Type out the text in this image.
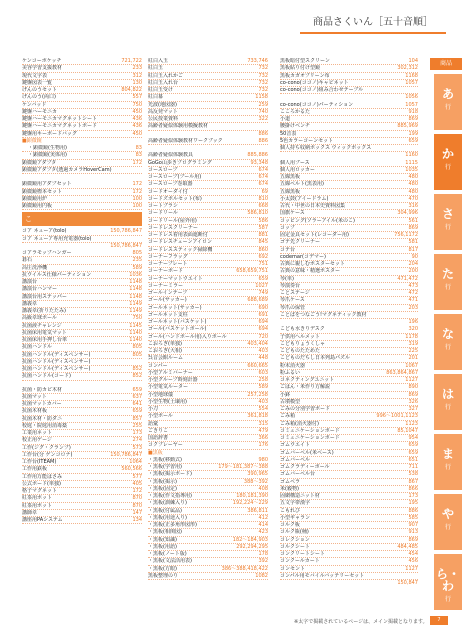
商品さくいん［五十音順］
ケンコーポケッチ	721,722
美容学習支援教材	233
現代文字表	312
鍵盤図表一覧	130
げんのうセット	804,822
げんのう(両口)	557
ケンバッド	750
鍵盤ハーモニカ	450
鍵盤ハーモニカマグネットシート	436
鍵盤ハーモニカマグネットボード	436
鍵盤用キーボードバッグ	450
■顕微鏡
・顕微鏡(生物用)	83
・顕微鏡(実体用)	83
顕微鏡アダプタ	172
顕微鏡アダプタ(透過カメラHoverCam)
顕微鏡用アダプセット	172
顕微鏡標本セット	172
顕微鏡用炉	100
顕微鏡用円板	100
こ
コア ネューア(tolo)	150,786,847
コア ネューア専用充電器(tolo)
150,786,847
コアラモップハンガー	805
碁石	235
高圧洗浄機	589
抗ウイルス仕様パーティション	1036
講演台	1148
講演台ハンマー	1148
講演台用ステッパー	1148
講義卓	1149
講義卓(折りたたみ)	1149
高級卓球ボール	750
抗菌液チャレンジ	1145
抗菌床用電気マット	1140
抗菌床用手押し台車	1140
抗菌ハンドル	805
抗菌ハンドル(ディスペンサー)	805
抗菌ハンドル(ディスペンサー)
抗菌ハンドル(ディスペンサー)	852
抗菌ハンドル(コード)	852
抗菌・防カビ木材	659
抗菌マット	637
抗菌マットカバー	641
抗菌木材板	659
抗菌木材・防ダニ	857
校庭・院庭用消毒薬	255
工業用ネット	173
校正用ゲージ	274
工作(ジグ・クランプ)	573
工作台(分 ゲンコロナ)	150,786,847
工作台(ITEAM)	1064
工作用鉄板	560,566
工作用万能はさみ	577
公式ボード(単独)	405
格子マグネット	172
紅茶用ポット	870
紅茶用ポット	870
講師卓	147
講座用PAシステム	134
紅白入玉	733,746
紅白玉	732
紅白玉入れかご	732
紅白玉入れ台	732
紅白玉受け	732
紅白幕	1158
光波(地図器)	259
高反発マット	740
公民授業資料	322
高齢者疑似体験用模擬教材
886
高齢者疑似体験教材ワークブック	886
高齢者疑似体験教具	885,886
GoGo山歩きプログラミング	93,348
コースロープ	674
コースロープ(プール用)	674
コースロープ巻取器	674
コードオーダイ付	69
コードズボルセット(布)	810
コートブラシ	668
コードリール	586,810
コードリール(屋外用)	586
コードレスクリーナー	587
コードレス着用表面遮断付	881
コードレスチェーンアイロン	845
コードレススティック掃除機	860
コーナーフラッグ	692
コーナープレート	751
コーナーボード	658,659,751
コーナーマットウエイト	659
コーナーミラー	1027
ゴールインテープ	749
ゴール(サッカー)	688,689
ゴールネット(サッカー)	690
ゴールネット支柱	691
ゴールネット(バスケット)	694
ゴール(バスケットボール)	694
ゴール(ハンドボール用)入りボール	720
こおろぎ(単独)	403,404
こおろぎ(大相)	403
呉音会館ルーム	448
コンパー	660,665
小型アルミバーナー	603
小型グループ時刻計器	258
小型電気ルーター	589
小型地球儀	257,258
小型生物(土壌用)	403
小刀	554
小型ボール	361,818
語彙	315
ごきりこ	479
国語辞書	366
コクプレーヤー	176
■黒板
・黒板(移動式)	980
・黒板(学習用)	179〜181,387〜388
・黒板(掲示ボード)	390,965
・黒板(掲示)	388〜392
・黒板(固定)	408
・黒板(作文指導用)	180,181,390
・黒板(訓練入り)	192,224〜229
・黒板(付属品)	386,811
・黒板(用途入り)	412
・黒板(正多角形図形)	414
・黒板(相関図)	423
・黒板(知識)	182〜184,903
・黒板(用語)	292,294,295
・黒板(ノート版)	178
・黒板(文法活用表)	392
・黒板(方眼)	386〜388,418,422
黒板整理のり	1082
黒板暗付型スクリーン	104
黒板貼り付け型鏡	302,312
黒板カガオプリーン布	1168
co-cono(ココノ)キャビネット	1057
co-cono(ココノ)組み合わせテーブル
1056
co-cono(ココノ)パーティション	1057
こころかるた	918
小道	869
腰掛けベンチ	885,969
50音表	199
5色カラーコーンセット	659
個人持ち収納ボックス ウィックボックス
1160
個人用ブース	1115
個人用ロッカー	1035
五線黒板	480
五線ベルト(黒表用)	480
五線黒板	480
小太鼓(アイードラム)	470
古代・中世の日本史資料図集	316
国旗ケース	304,996
コッピング(ソラーアイル(米のこ)	561
コップ	869
固定金具セット(レコーダー用)	756,1172
ゴテ先クリーナー	581
コテ台	817
codemar(コデマー)	90
古典に親しむポスターセット	204
古典の意味・精選ポスター	200
琴(単)	471,472
琴演奏台	473
ことステージ	472
琴爪ケース	471
琴爪の保管	203
ことばをつなごう!マグネティック教材
196
こども水きりデスク	320
子供用へルメット	1178
こどもりょうくしゃ	319
こどものたためた	225
こどものだちし日本列島パズル	201
粉末消火器	1067
粉ふるい	863,864,867
コネクティングユニット	1127
ごはん・米作り方解説	890
小鉢	869
古墳模型	326
ごみの分別学習ボード	327
ごみ箱	996〜1001,1123
ごみ箱(消火器付)	1123
コミュニケーションボード	85,1047
コミュニケーションボード	954
ゴムウエイト	659
ゴムバーベル(米ベース)	659
ゴムバーベル	651
ゴムクラディーボール	711
ゴムバーベル台	538
ゴムベラ	867
米(穀物)	866
固網構造ニット材	173
五文字帯漢字	195
こもれび	886
小型ギャラン	585
コルク板	907
コルク瓶(桶)	913
コレクション	869
コルクシート	484,485
コンクリートシート	454
コンクールカート	456
コンセント	1127
コンパル用モバイルバッテリーセット
150,847
商品
あ
行
か
行
さ
行
た
行
な
行
は
行
ま
行
や
行
ら・わ
行
※太字で掲載されているページは、メイン掲載となります。	7
